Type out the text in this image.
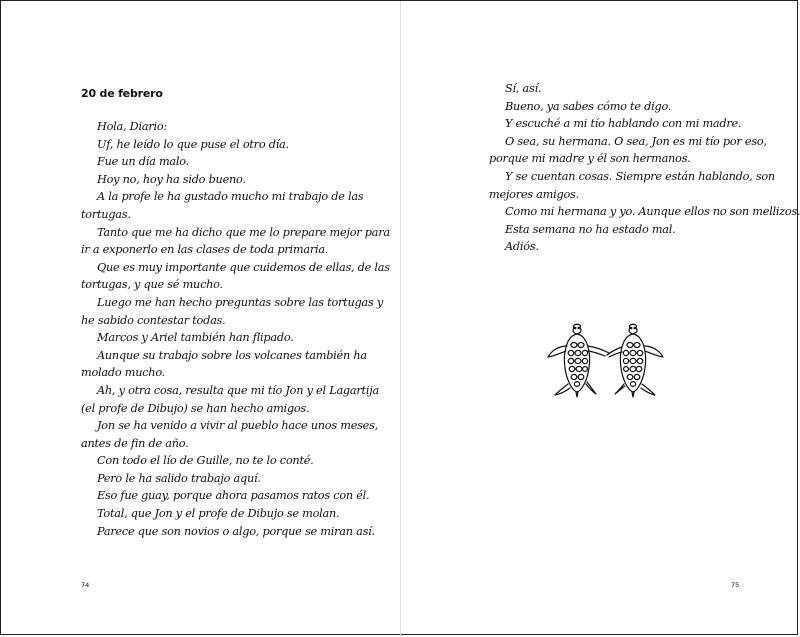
20 de febrero
Hola, Diario:
Uf, he leído lo que puse el otro día.
Fue un día malo.
Hoy no, hoy ha sido bueno.
A la profe le ha gustado mucho mi trabajo de las
tortugas.
Tanto que me ha dicho que me lo prepare mejor para
ir a exponerlo en las clases de toda primaria.
Que es muy importante que cuidemos de ellas, de las
tortugas, y que sé mucho.
Luego me han hecho preguntas sobre las tortugas y
he sabido contestar todas.
Marcos y Ariel también han flipado.
Aunque su trabajo sobre los volcanes también ha
molado mucho.
Ah, y otra cosa, resulta que mi tío Jon y el Lagartija
(el profe de Dibujo) se han hecho amigos.
Jon se ha venido a vivir al pueblo hace unos meses,
antes de fin de año.
Con todo el lío de Guille, no te lo conté.
Pero le ha salido trabajo aquí.
Eso fue guay, porque ahora pasamos ratos con él.
Total, que Jon y el profe de Dibujo se molan.
Parece que son novios o algo, porque se miran así.

74

Sí, así.
Bueno, ya sabes cómo te digo.
Y escuché a mi tío hablando con mi madre.
O sea, su hermana. O sea, Jon es mi tío por eso,
porque mi madre y él son hermanos.
Y se cuentan cosas. Siempre están hablando, son
mejores amigos.
Como mi hermana y yo. Aunque ellos no son mellizos.
Esta semana no ha estado mal.
Adiós.

75
